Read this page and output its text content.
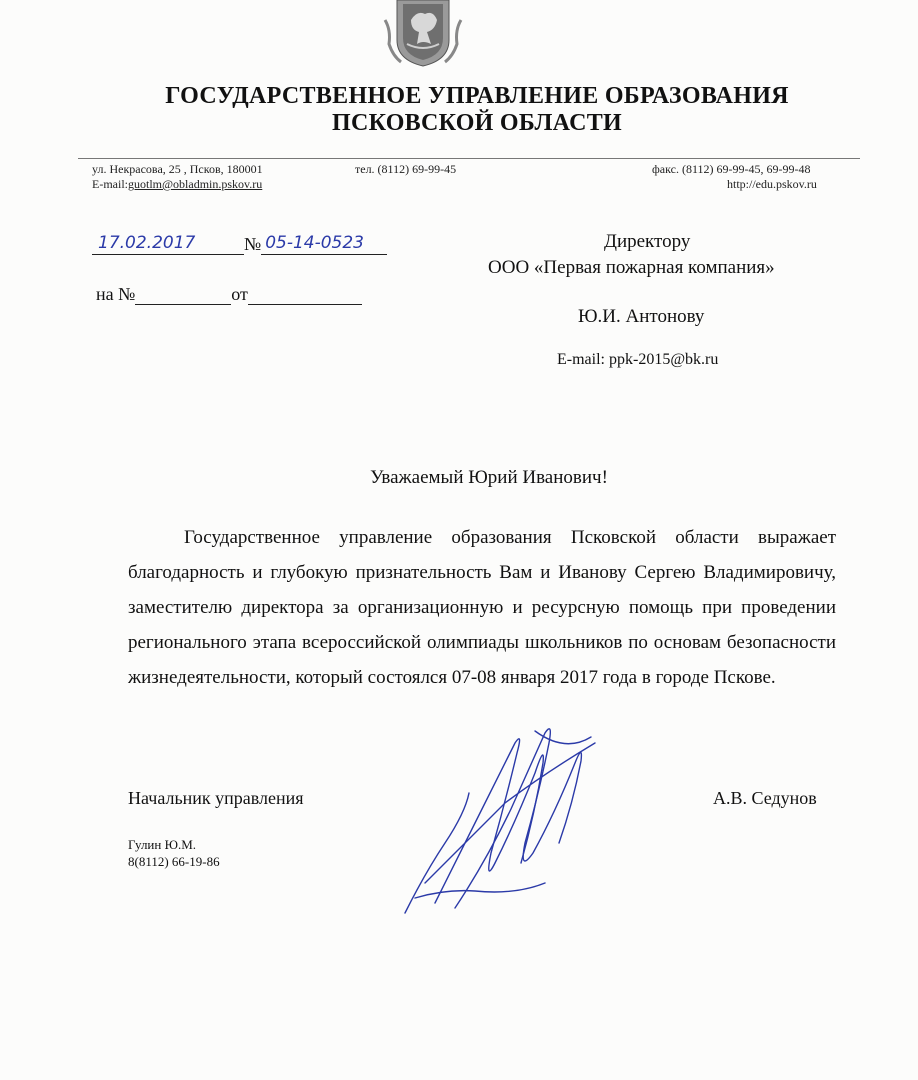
ГОСУДАРСТВЕННОЕ УПРАВЛЕНИЕ ОБРАЗОВАНИЯ
ПСКОВСКОЙ ОБЛАСТИ
ул. Некрасова, 25 , Псков, 180001
E-mail:guotlm@obladmin.pskov.ru
тел. (8112) 69-99-45	факс. (8112) 69-99-45, 69-99-48
http://edu.pskov.ru
17.02.2017	№ 05-14-0523
на №	от
Директору
ООО «Первая пожарная компания»
Ю.И. Антонову
E-mail: ppk-2015@bk.ru
Уважаемый Юрий Иванович!
Государственное управление образования Псковской области выражает благодарность и глубокую признательность Вам и Иванову Сергею Владимировичу, заместителю директора за организационную и ресурсную помощь при проведении регионального этапа всероссийской олимпиады школьников по основам безопасности жизнедеятельности, который состоялся 07-08 января 2017 года в городе Пскове.
Начальник управления	А.В. Седунов
Гулин Ю.М.
8(8112) 66-19-86
